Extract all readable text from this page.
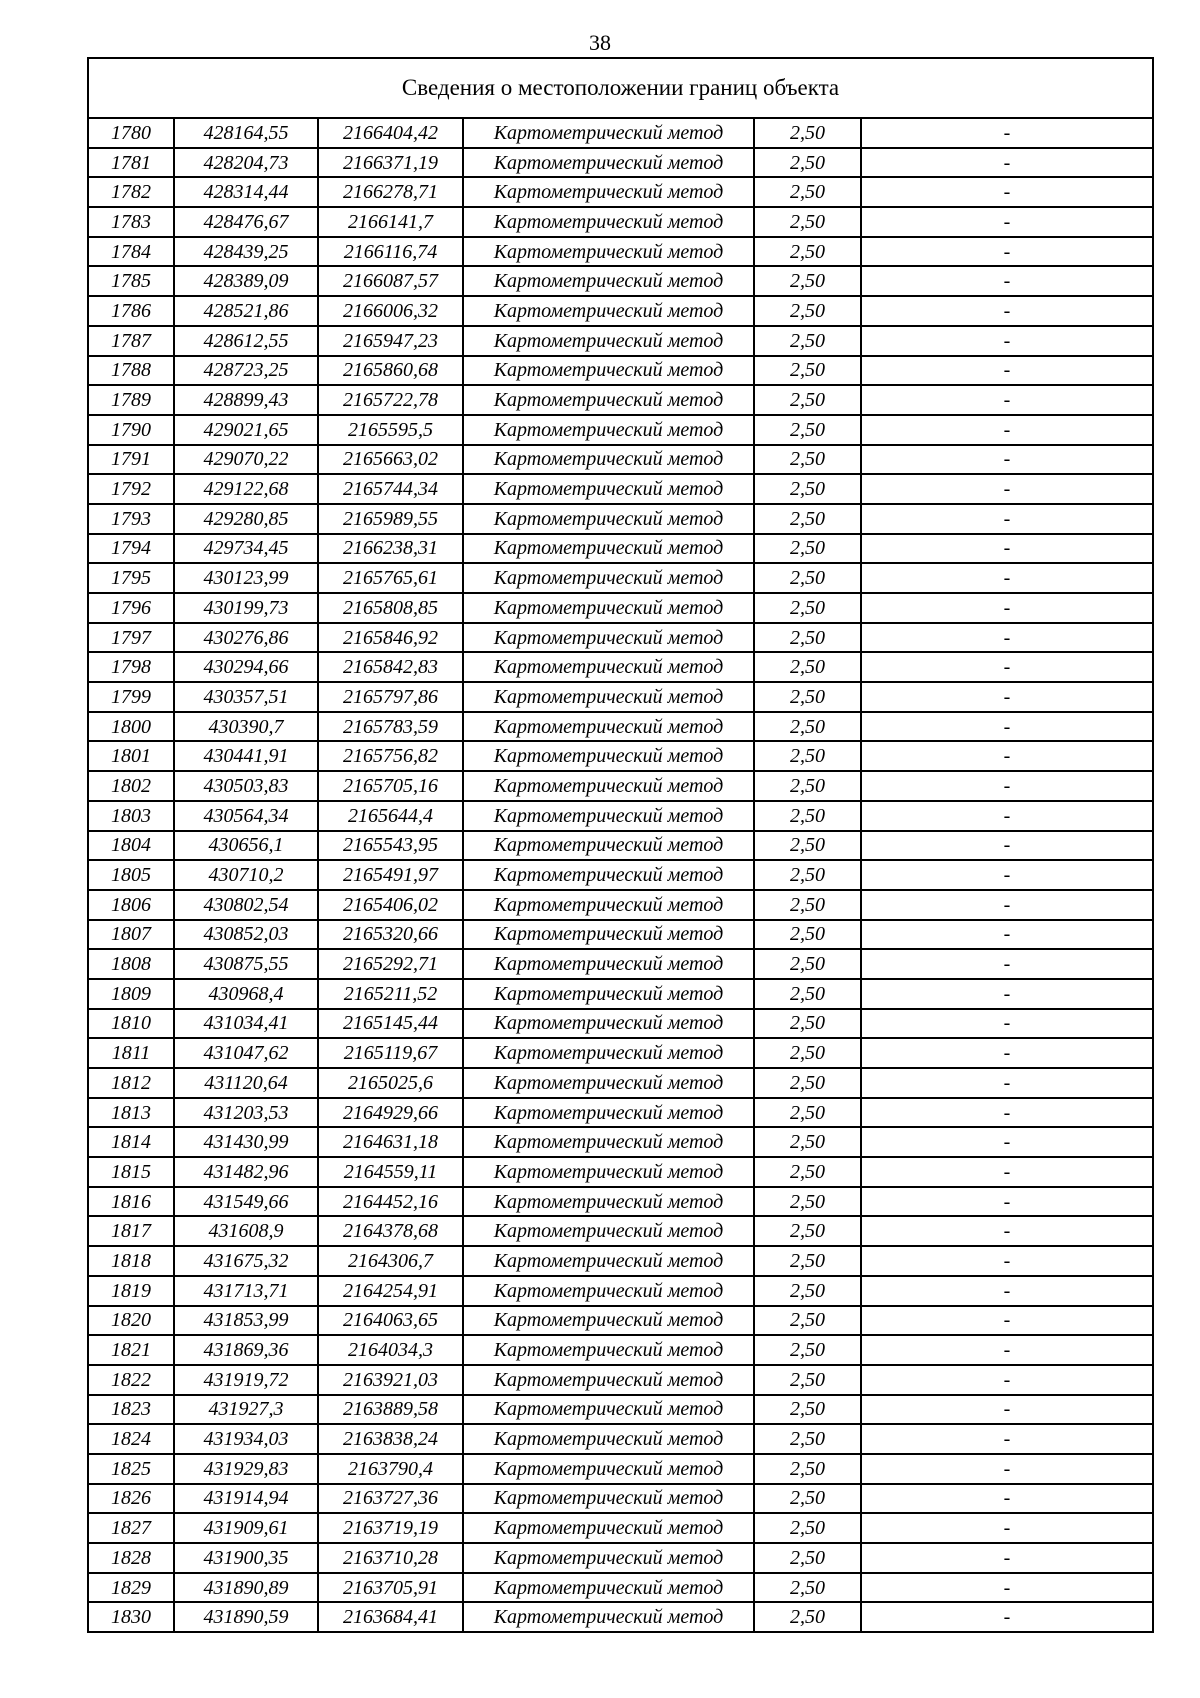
38
Сведения о местоположении границ объекта					
1780	428164,55	2166404,42	Картометрический метод	2,50	-
1781	428204,73	2166371,19	Картометрический метод	2,50	-
1782	428314,44	2166278,71	Картометрический метод	2,50	-
1783	428476,67	2166141,7	Картометрический метод	2,50	-
1784	428439,25	2166116,74	Картометрический метод	2,50	-
1785	428389,09	2166087,57	Картометрический метод	2,50	-
1786	428521,86	2166006,32	Картометрический метод	2,50	-
1787	428612,55	2165947,23	Картометрический метод	2,50	-
1788	428723,25	2165860,68	Картометрический метод	2,50	-
1789	428899,43	2165722,78	Картометрический метод	2,50	-
1790	429021,65	2165595,5	Картометрический метод	2,50	-
1791	429070,22	2165663,02	Картометрический метод	2,50	-
1792	429122,68	2165744,34	Картометрический метод	2,50	-
1793	429280,85	2165989,55	Картометрический метод	2,50	-
1794	429734,45	2166238,31	Картометрический метод	2,50	-
1795	430123,99	2165765,61	Картометрический метод	2,50	-
1796	430199,73	2165808,85	Картометрический метод	2,50	-
1797	430276,86	2165846,92	Картометрический метод	2,50	-
1798	430294,66	2165842,83	Картометрический метод	2,50	-
1799	430357,51	2165797,86	Картометрический метод	2,50	-
1800	430390,7	2165783,59	Картометрический метод	2,50	-
1801	430441,91	2165756,82	Картометрический метод	2,50	-
1802	430503,83	2165705,16	Картометрический метод	2,50	-
1803	430564,34	2165644,4	Картометрический метод	2,50	-
1804	430656,1	2165543,95	Картометрический метод	2,50	-
1805	430710,2	2165491,97	Картометрический метод	2,50	-
1806	430802,54	2165406,02	Картометрический метод	2,50	-
1807	430852,03	2165320,66	Картометрический метод	2,50	-
1808	430875,55	2165292,71	Картометрический метод	2,50	-
1809	430968,4	2165211,52	Картометрический метод	2,50	-
1810	431034,41	2165145,44	Картометрический метод	2,50	-
1811	431047,62	2165119,67	Картометрический метод	2,50	-
1812	431120,64	2165025,6	Картометрический метод	2,50	-
1813	431203,53	2164929,66	Картометрический метод	2,50	-
1814	431430,99	2164631,18	Картометрический метод	2,50	-
1815	431482,96	2164559,11	Картометрический метод	2,50	-
1816	431549,66	2164452,16	Картометрический метод	2,50	-
1817	431608,9	2164378,68	Картометрический метод	2,50	-
1818	431675,32	2164306,7	Картометрический метод	2,50	-
1819	431713,71	2164254,91	Картометрический метод	2,50	-
1820	431853,99	2164063,65	Картометрический метод	2,50	-
1821	431869,36	2164034,3	Картометрический метод	2,50	-
1822	431919,72	2163921,03	Картометрический метод	2,50	-
1823	431927,3	2163889,58	Картометрический метод	2,50	-
1824	431934,03	2163838,24	Картометрический метод	2,50	-
1825	431929,83	2163790,4	Картометрический метод	2,50	-
1826	431914,94	2163727,36	Картометрический метод	2,50	-
1827	431909,61	2163719,19	Картометрический метод	2,50	-
1828	431900,35	2163710,28	Картометрический метод	2,50	-
1829	431890,89	2163705,91	Картометрический метод	2,50	-
1830	431890,59	2163684,41	Картометрический метод	2,50	-
